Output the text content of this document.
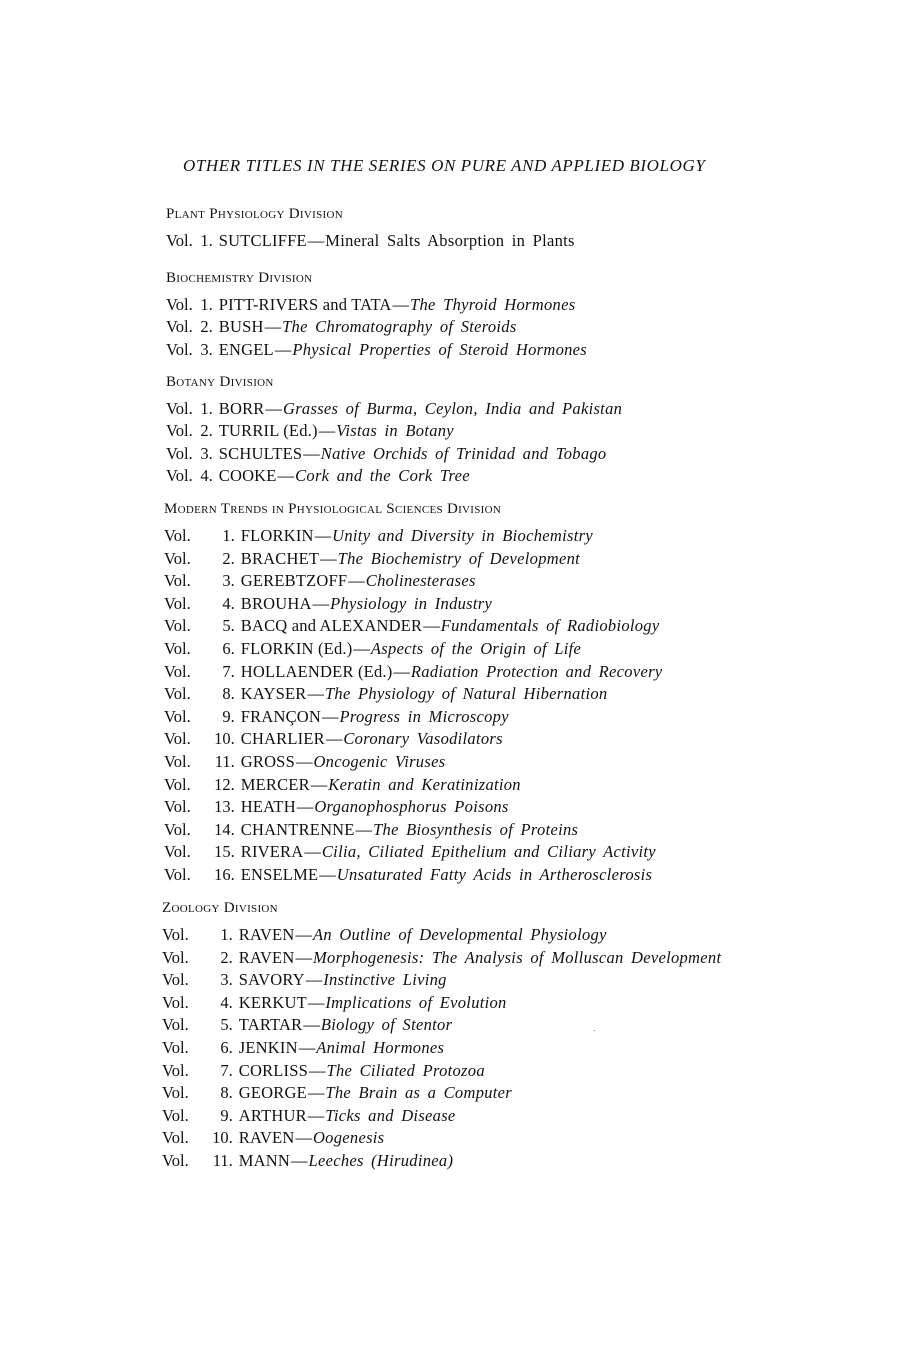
OTHER TITLES IN THE SERIES ON PURE AND APPLIED BIOLOGY
Plant Physiology Division
Vol. 1. SUTCLIFFE—Mineral Salts Absorption in Plants
Biochemistry Division
Vol. 1. PITT-RIVERS and TATA—The Thyroid Hormones
Vol. 2. BUSH—The Chromatography of Steroids
Vol. 3. ENGEL—Physical Properties of Steroid Hormones
Botany Division
Vol. 1. BORR—Grasses of Burma, Ceylon, India and Pakistan
Vol. 2. TURRIL (Ed.)—Vistas in Botany
Vol. 3. SCHULTES—Native Orchids of Trinidad and Tobago
Vol. 4. COOKE—Cork and the Cork Tree
Modern Trends in Physiological Sciences Division
Vol. 1. FLORKIN—Unity and Diversity in Biochemistry
Vol. 2. BRACHET—The Biochemistry of Development
Vol. 3. GEREBTZOFF—Cholinesterases
Vol. 4. BROUHA—Physiology in Industry
Vol. 5. BACQ and ALEXANDER—Fundamentals of Radiobiology
Vol. 6. FLORKIN (Ed.)—Aspects of the Origin of Life
Vol. 7. HOLLAENDER (Ed.)—Radiation Protection and Recovery
Vol. 8. KAYSER—The Physiology of Natural Hibernation
Vol. 9. FRANÇON—Progress in Microscopy
Vol. 10. CHARLIER—Coronary Vasodilators
Vol. 11. GROSS—Oncogenic Viruses
Vol. 12. MERCER—Keratin and Keratinization
Vol. 13. HEATH—Organophosphorus Poisons
Vol. 14. CHANTRENNE—The Biosynthesis of Proteins
Vol. 15. RIVERA—Cilia, Ciliated Epithelium and Ciliary Activity
Vol. 16. ENSELME—Unsaturated Fatty Acids in Artherosclerosis
Zoology Division
Vol. 1. RAVEN—An Outline of Developmental Physiology
Vol. 2. RAVEN—Morphogenesis: The Analysis of Molluscan Development
Vol. 3. SAVORY—Instinctive Living
Vol. 4. KERKUT—Implications of Evolution
Vol. 5. TARTAR—Biology of Stentor
Vol. 6. JENKIN—Animal Hormones
Vol. 7. CORLISS—The Ciliated Protozoa
Vol. 8. GEORGE—The Brain as a Computer
Vol. 9. ARTHUR—Ticks and Disease
Vol. 10. RAVEN—Oogenesis
Vol. 11. MANN—Leeches (Hirudinea)
